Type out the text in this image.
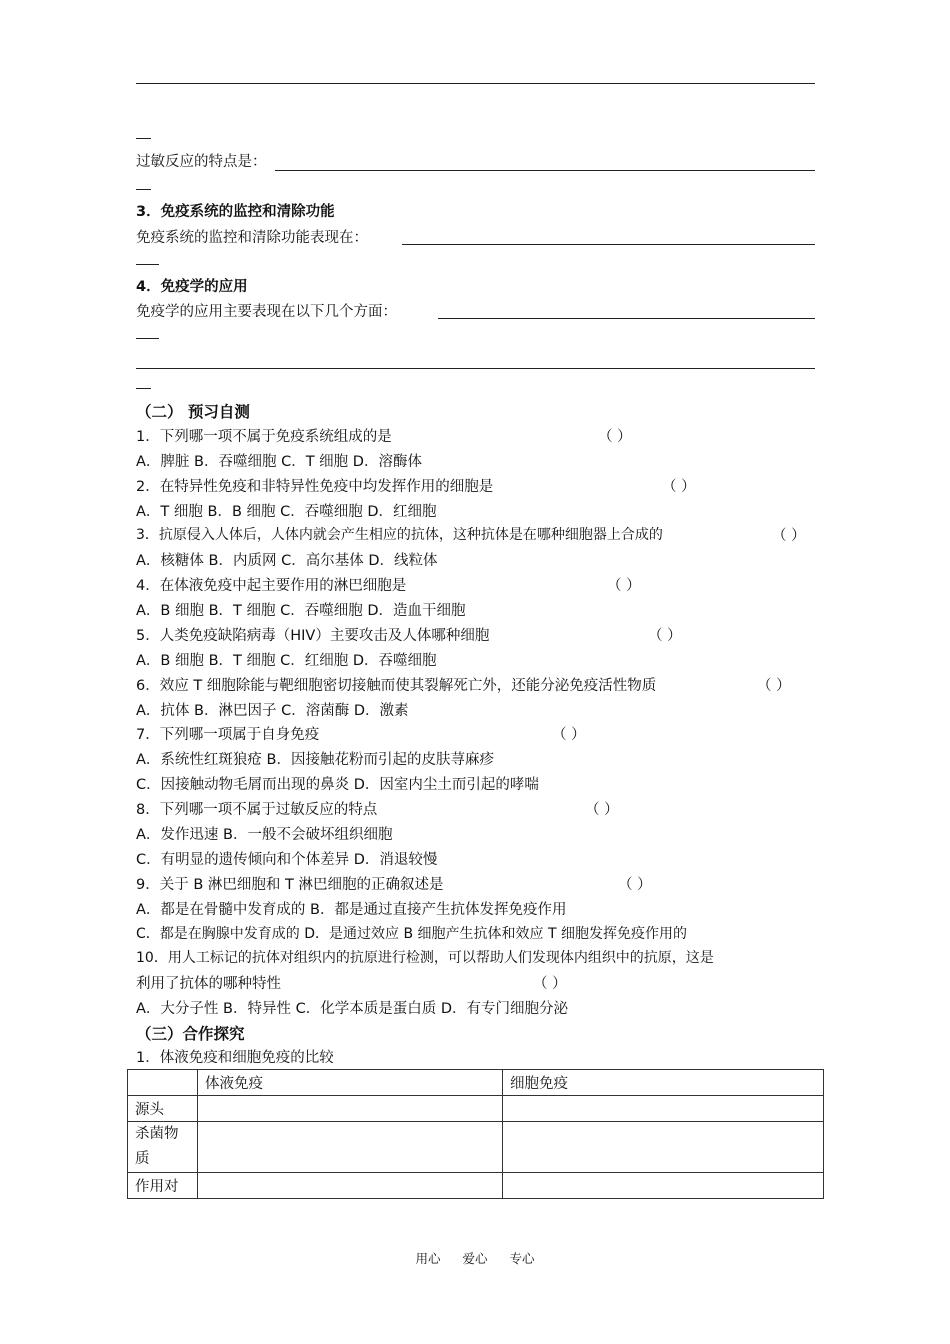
过敏反应的特点是：
3．免疫系统的监控和清除功能
免疫系统的监控和清除功能表现在：
4．免疫学的应用
免疫学的应用主要表现在以下几个方面：
（二） 预习自测
1．下列哪一项不属于免疫系统组成的是	（ ）
A．脾脏 B．吞噬细胞 C．T 细胞 D．溶酶体
2．在特异性免疫和非特异性免疫中均发挥作用的细胞是	（ ）
A．T 细胞 B．B 细胞 C．吞噬细胞 D．红细胞
3．抗原侵入人体后，人体内就会产生相应的抗体，这种抗体是在哪种细胞器上合成的	（ ）
A．核糖体 B．内质网 C．高尔基体 D．线粒体
4．在体液免疫中起主要作用的淋巴细胞是	（ ）
A．B 细胞 B．T 细胞 C．吞噬细胞 D．造血干细胞
5．人类免疫缺陷病毒（HIV）主要攻击及人体哪种细胞	（ ）
A．B 细胞 B．T 细胞 C．红细胞 D．吞噬细胞
6．效应 T 细胞除能与靶细胞密切接触而使其裂解死亡外，还能分泌免疫活性物质	（ ）
A．抗体 B．淋巴因子 C．溶菌酶 D．激素
7．下列哪一项属于自身免疫	（ ）
A．系统性红斑狼疮 B．因接触花粉而引起的皮肤荨麻疹
C．因接触动物毛屑而出现的鼻炎 D．因室内尘土而引起的哮喘
8．下列哪一项不属于过敏反应的特点	（ ）
A．发作迅速 B．一般不会破坏组织细胞
C．有明显的遗传倾向和个体差异 D．消退较慢
9．关于 B 淋巴细胞和 T 淋巴细胞的正确叙述是	（ ）
A．都是在骨髓中发育成的 B．都是通过直接产生抗体发挥免疫作用
C．都是在胸腺中发育成的 D．是通过效应 B 细胞产生抗体和效应 T 细胞发挥免疫作用的
10．用人工标记的抗体对组织内的抗原进行检测，可以帮助人们发现体内组织中的抗原，这是
利用了抗体的哪种特性	（ ）
A．大分子性 B．特异性 C．化学本质是蛋白质 D．有专门细胞分泌
（三）合作探究
1．体液免疫和细胞免疫的比较
	体液免疫	细胞免疫
源头		
杀菌物质		
作用对		
用心 爱心 专心
